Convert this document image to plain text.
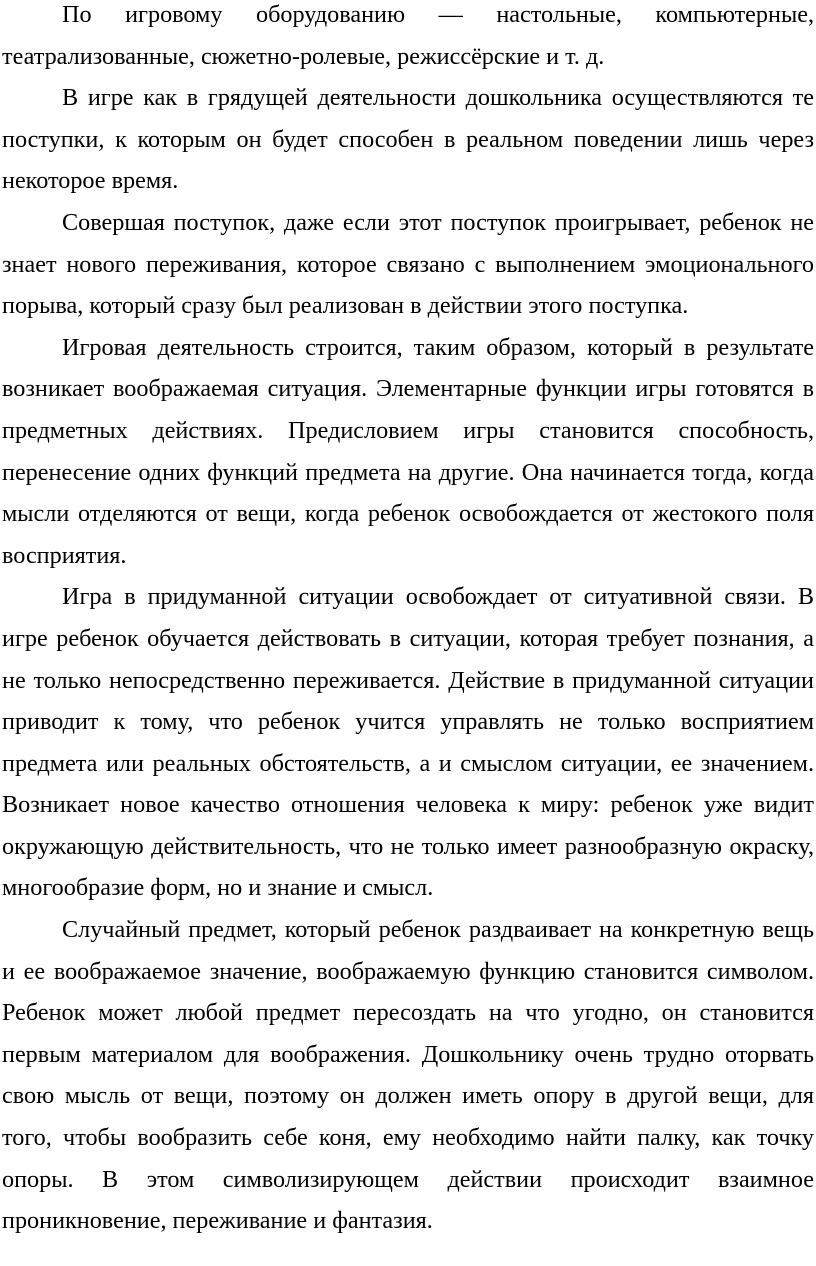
По игровому оборудованию — настольные, компьютерные, театрализованные, сюжетно-ролевые, режиссёрские и т. д.

В игре как в грядущей деятельности дошкольника осуществляются те поступки, к которым он будет способен в реальном поведении лишь через некоторое время.

Совершая поступок, даже если этот поступок проигрывает, ребенок не знает нового переживания, которое связано с выполнением эмоционального порыва, который сразу был реализован в действии этого поступка.

Игровая деятельность строится, таким образом, который в результате возникает воображаемая ситуация. Элементарные функции игры готовятся в предметных действиях. Предисловием игры становится способность, перенесение одних функций предмета на другие. Она начинается тогда, когда мысли отделяются от вещи, когда ребенок освобождается от жестокого поля восприятия.

Игра в придуманной ситуации освобождает от ситуативной связи. В игре ребенок обучается действовать в ситуации, которая требует познания, а не только непосредственно переживается. Действие в придуманной ситуации приводит к тому, что ребенок учится управлять не только восприятием предмета или реальных обстоятельств, а и смыслом ситуации, ее значением. Возникает новое качество отношения человека к миру: ребенок уже видит окружающую действительность, что не только имеет разнообразную окраску, многообразие форм, но и знание и смысл.

Случайный предмет, который ребенок раздваивает на конкретную вещь и ее воображаемое значение, воображаемую функцию становится символом. Ребенок может любой предмет пересоздать на что угодно, он становится первым материалом для воображения. Дошкольнику очень трудно оторвать свою мысль от вещи, поэтому он должен иметь опору в другой вещи, для того, чтобы вообразить себе коня, ему необходимо найти палку, как точку опоры. В этом символизирующем действии происходит взаимное проникновение, переживание и фантазия.
